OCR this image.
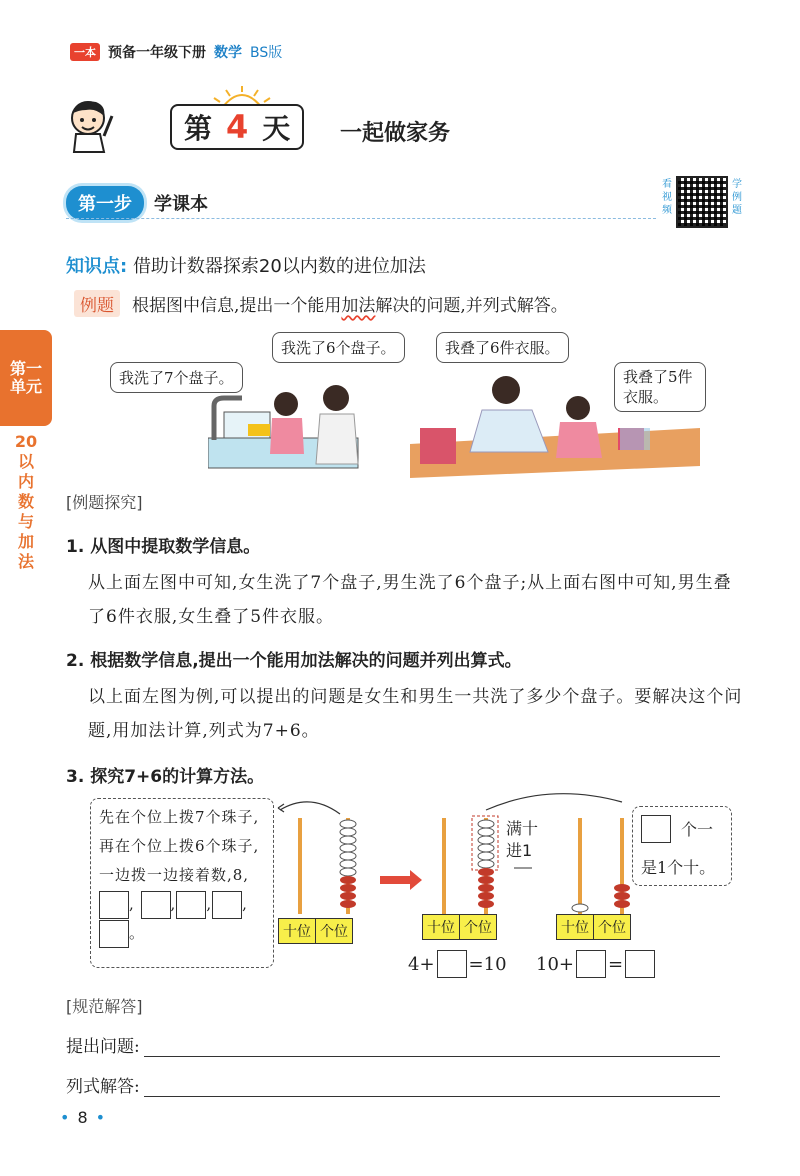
一本 预备一年级下册 数学 BS版
第 4 天 一起做家务
第一步	学课本
看视频
学例题
第一单元
20以内数与加法
知识点: 借助计数器探索20以内数的进位加法
例题	根据图中信息,提出一个能用加法解决的问题,并列式解答。
我洗了7个盘子。
我洗了6个盘子。	我叠了6件衣服。
我叠了5件衣服。
[例题探究]
1. 从图中提取数学信息。
从上面左图中可知,女生洗了7个盘子,男生洗了6个盘子;从上面右图中可知,男生叠了6件衣服,女生叠了5件衣服。
2. 根据数学信息,提出一个能用加法解决的问题并列出算式。
以上面左图为例,可以提出的问题是女生和男生一共洗了多少个盘子。要解决这个问题,用加法计算,列式为7+6。
3. 探究7+6的计算方法。
先在个位上拨7个珠子,再在个位上拨6个珠子,一边拨一边接着数,8, , , , ,。
满十进1
十位 个位	十位 个位	十位 个位
个一
是1个十。
4+ =10 10+ =
[规范解答]
提出问题:
列式解答:
• 8 •
